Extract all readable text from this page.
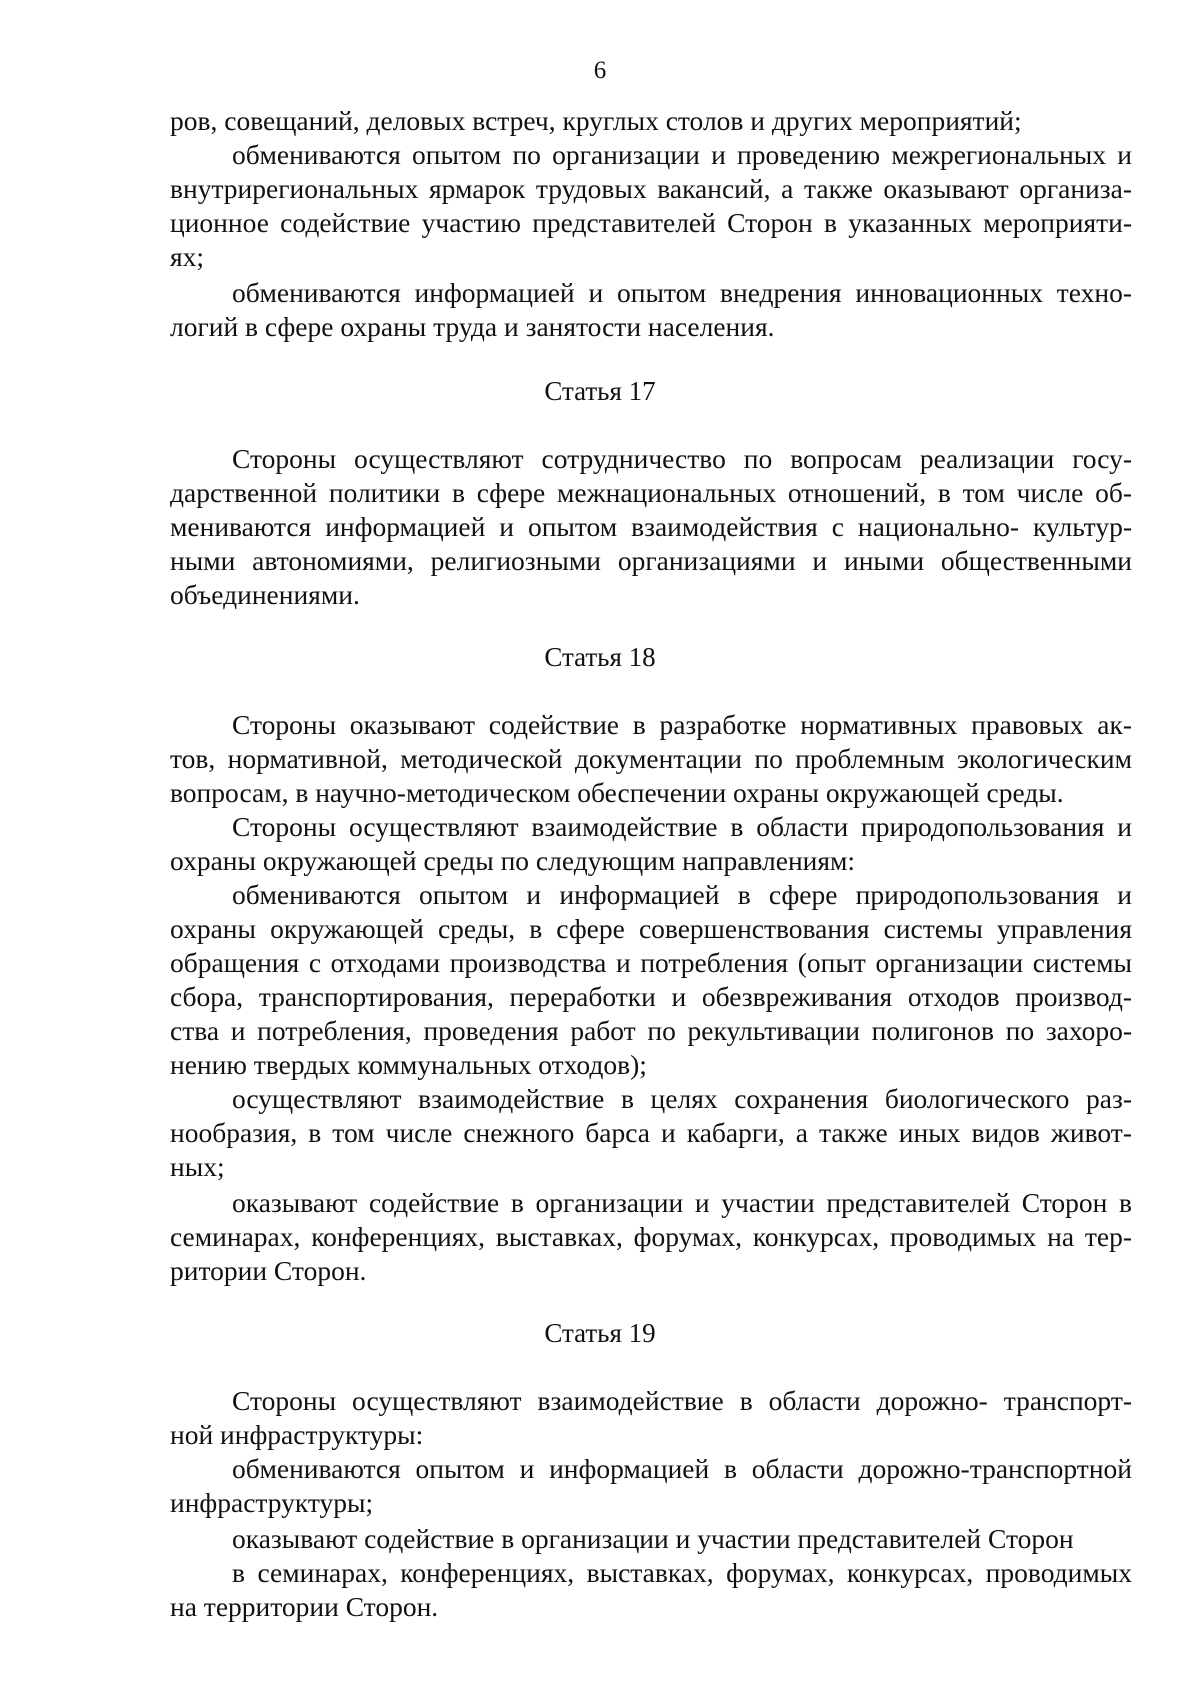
6
ров, совещаний, деловых встреч, круглых столов и других мероприятий;
обмениваются опытом по организации и проведению межрегиональных и
внутрирегиональных ярмарок трудовых вакансий, а также оказывают организа-
ционное содействие участию представителей Сторон в указанных мероприяти-
ях;
обмениваются информацией и опытом внедрения инновационных техно-
логий в сфере охраны труда и занятости населения.
Статья 17
Стороны осуществляют сотрудничество по вопросам реализации госу-
дарственной политики в сфере межнациональных отношений, в том числе об-
мениваются информацией и опытом взаимодействия с национально- культур-
ными автономиями, религиозными организациями и иными общественными
объединениями.
Статья 18
Стороны оказывают содействие в разработке нормативных правовых ак-
тов, нормативной, методической документации по проблемным экологическим
вопросам, в научно-методическом обеспечении охраны окружающей среды.
Стороны осуществляют взаимодействие в области природопользования и
охраны окружающей среды по следующим направлениям:
обмениваются опытом и информацией в сфере природопользования и
охраны окружающей среды, в сфере совершенствования системы управления
обращения с отходами производства и потребления (опыт организации системы
сбора, транспортирования, переработки и обезвреживания отходов производ-
ства и потребления, проведения работ по рекультивации полигонов по захоро-
нению твердых коммунальных отходов);
осуществляют взаимодействие в целях сохранения биологического раз-
нообразия, в том числе снежного барса и кабарги, а также иных видов живот-
ных;
оказывают содействие в организации и участии представителей Сторон в
семинарах, конференциях, выставках, форумах, конкурсах, проводимых на тер-
ритории Сторон.
Статья 19
Стороны осуществляют взаимодействие в области дорожно- транспорт-
ной инфраструктуры:
обмениваются опытом и информацией в области дорожно-транспортной
инфраструктуры;
оказывают содействие в организации и участии представителей Сторон
в семинарах, конференциях, выставках, форумах, конкурсах, проводимых
на территории Сторон.
